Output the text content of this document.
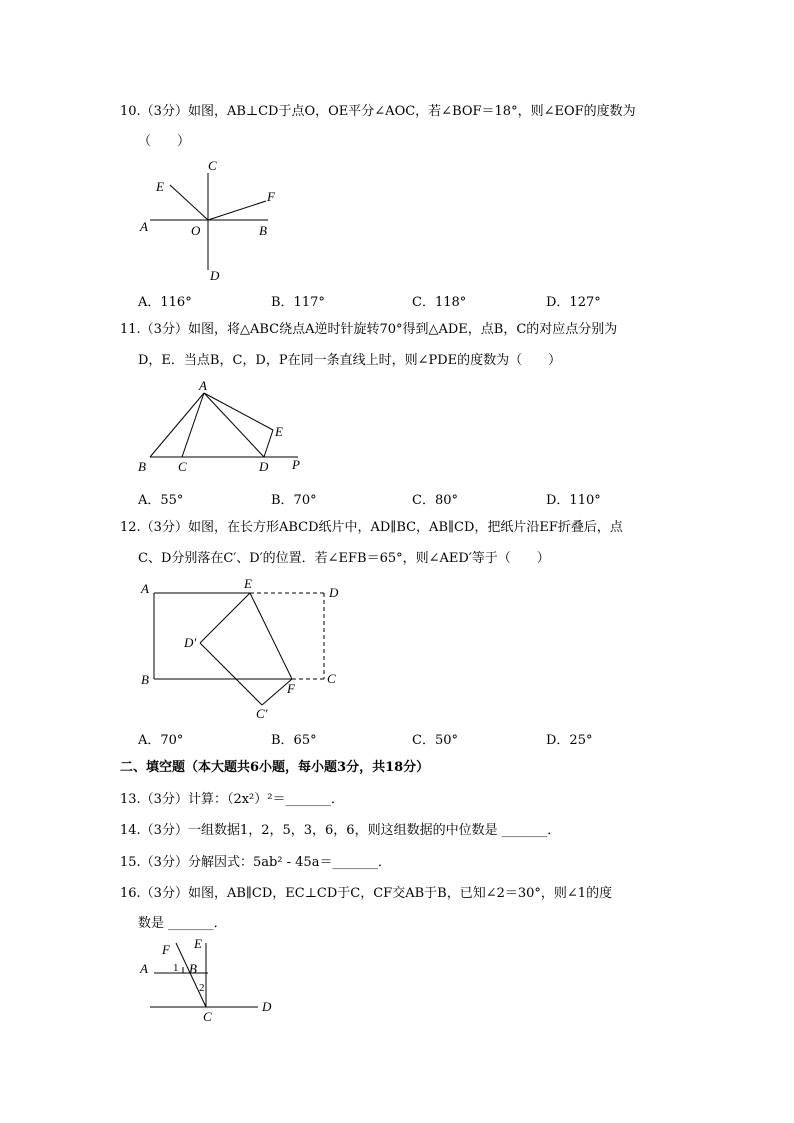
10.（3分）如图，AB⊥CD于点O，OE平分∠AOC，若∠BOF＝18°，则∠EOF的度数为
（　　）
C
E
F
A	O	B
D
A．116°	B．117°	C．118°	D．127°
11.（3分）如图，将△ABC绕点A逆时针旋转70°得到△ADE，点B，C的对应点分别为
D，E．当点B，C，D，P在同一条直线上时，则∠PDE的度数为（　　）
A
E
B C	D P
A．55°	B．70°	C．80°	D．110°
12.（3分）如图，在长方形ABCD纸片中，AD∥BC，AB∥CD，把纸片沿EF折叠后，点
C、D分别落在C′、D′的位置．若∠EFB＝65°，则∠AED′等于（　　）
A	E
D
D′
B
F
C
C′
A．70°	B．65°	C．50°	D．25°
二、填空题（本大题共6小题，每小题3分，共18分）
13.（3分）计算：（2x²）²＝_______．
14.（3分）一组数据1，2，5，3，6，6，则这组数据的中位数是 _______．
15.（3分）分解因式：5ab² - 45a＝_______．
16.（3分）如图，AB∥CD，EC⊥CD于C，CF交AB于B，已知∠2＝30°，则∠1的度
数是 _______．
F E
A 1 B
2
C
D
